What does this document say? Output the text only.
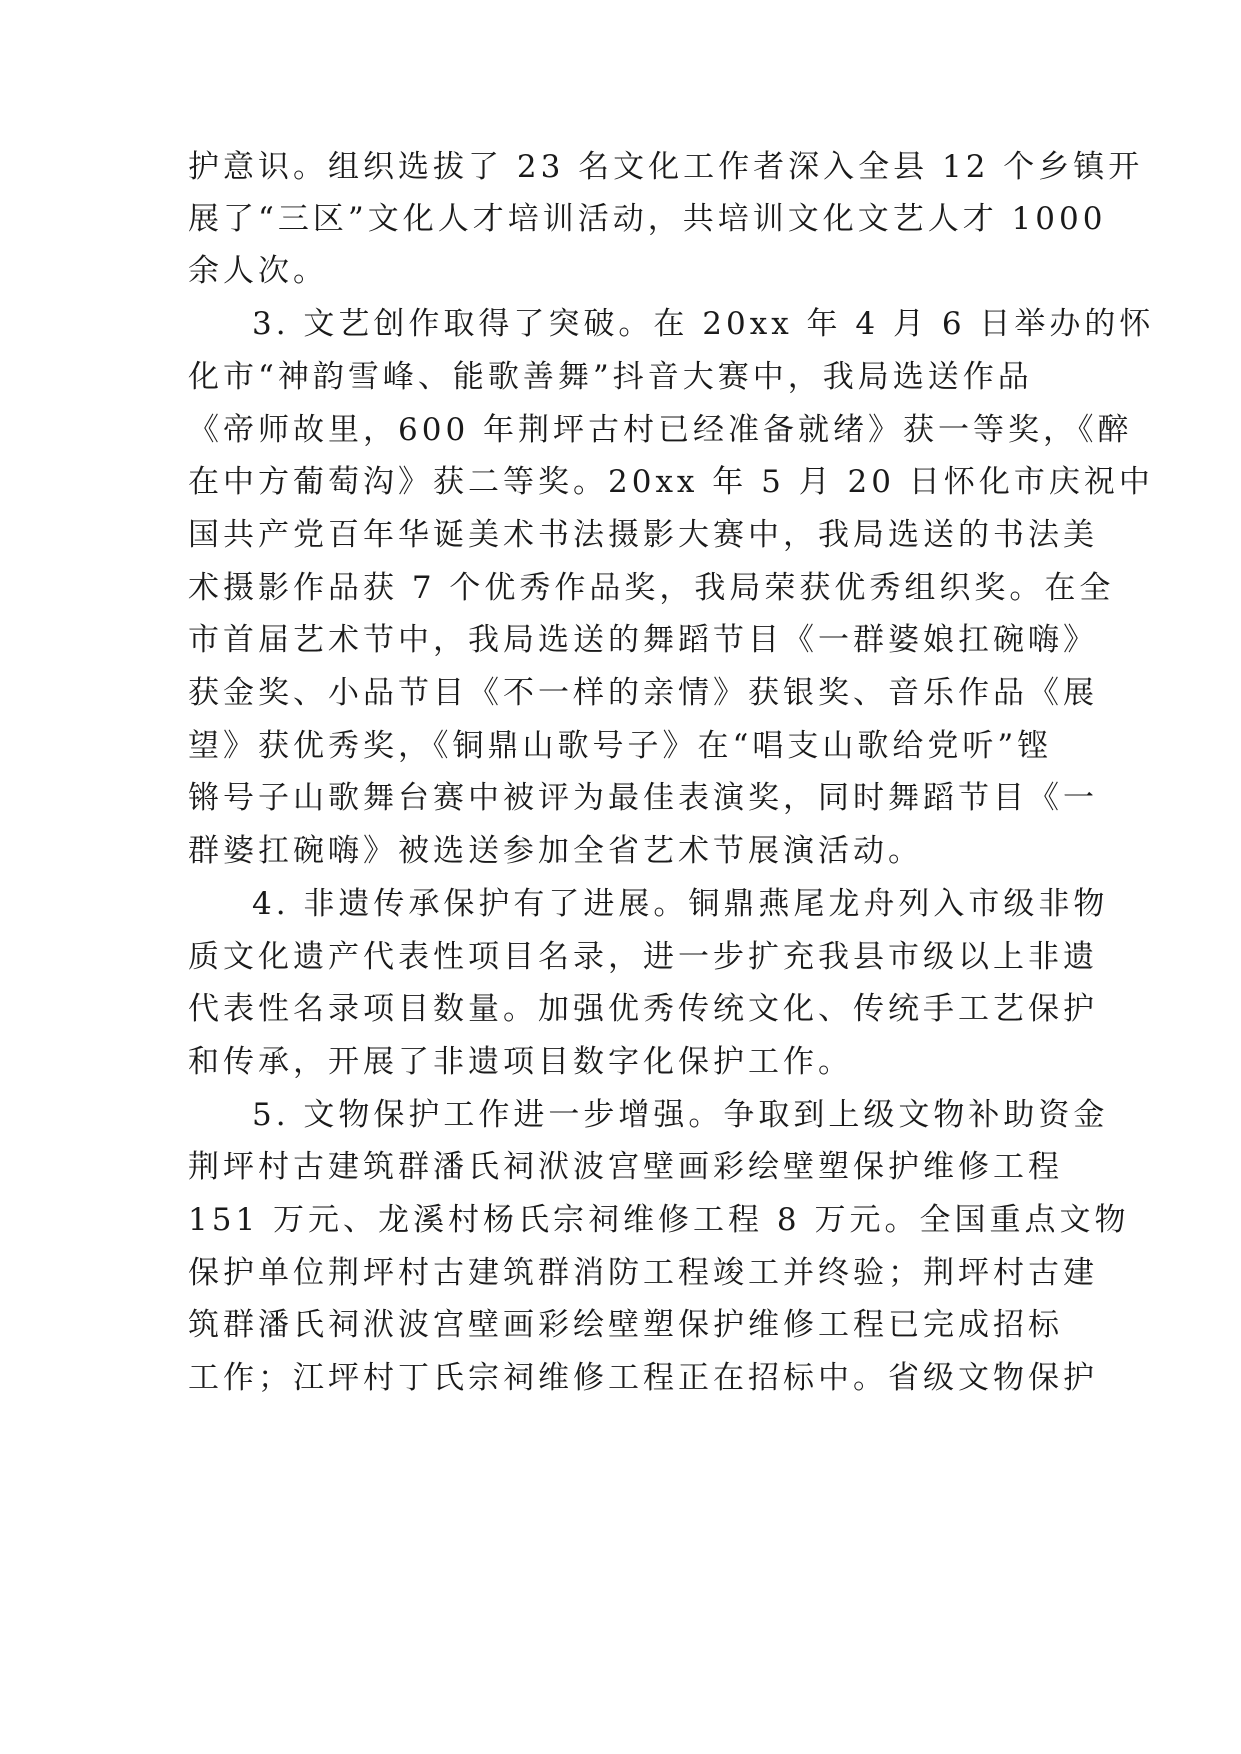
护意识。组织选拔了 23 名文化工作者深入全县 12 个乡镇开
展了“三区”文化人才培训活动，共培训文化文艺人才 1000
余人次。
3. 文艺创作取得了突破。在 20xx 年 4 月 6 日举办的怀
化市“神韵雪峰、能歌善舞”抖音大赛中，我局选送作品
《帝师故里，600 年荆坪古村已经准备就绪》获一等奖，《醉
在中方葡萄沟》获二等奖。20xx 年 5 月 20 日怀化市庆祝中
国共产党百年华诞美术书法摄影大赛中，我局选送的书法美
术摄影作品获 7 个优秀作品奖，我局荣获优秀组织奖。在全
市首届艺术节中，我局选送的舞蹈节目《一群婆娘扛碗嗨》
获金奖、小品节目《不一样的亲情》获银奖、音乐作品《展
望》获优秀奖，《铜鼎山歌号子》在“唱支山歌给党听”铿
锵号子山歌舞台赛中被评为最佳表演奖，同时舞蹈节目《一
群婆扛碗嗨》被选送参加全省艺术节展演活动。
4. 非遗传承保护有了进展。铜鼎燕尾龙舟列入市级非物
质文化遗产代表性项目名录，进一步扩充我县市级以上非遗
代表性名录项目数量。加强优秀传统文化、传统手工艺保护
和传承，开展了非遗项目数字化保护工作。
5. 文物保护工作进一步增强。争取到上级文物补助资金
荆坪村古建筑群潘氏祠洑波宫壁画彩绘壁塑保护维修工程
151 万元、龙溪村杨氏宗祠维修工程 8 万元。全国重点文物
保护单位荆坪村古建筑群消防工程竣工并终验；荆坪村古建
筑群潘氏祠洑波宫壁画彩绘壁塑保护维修工程已完成招标
工作；江坪村丁氏宗祠维修工程正在招标中。省级文物保护
